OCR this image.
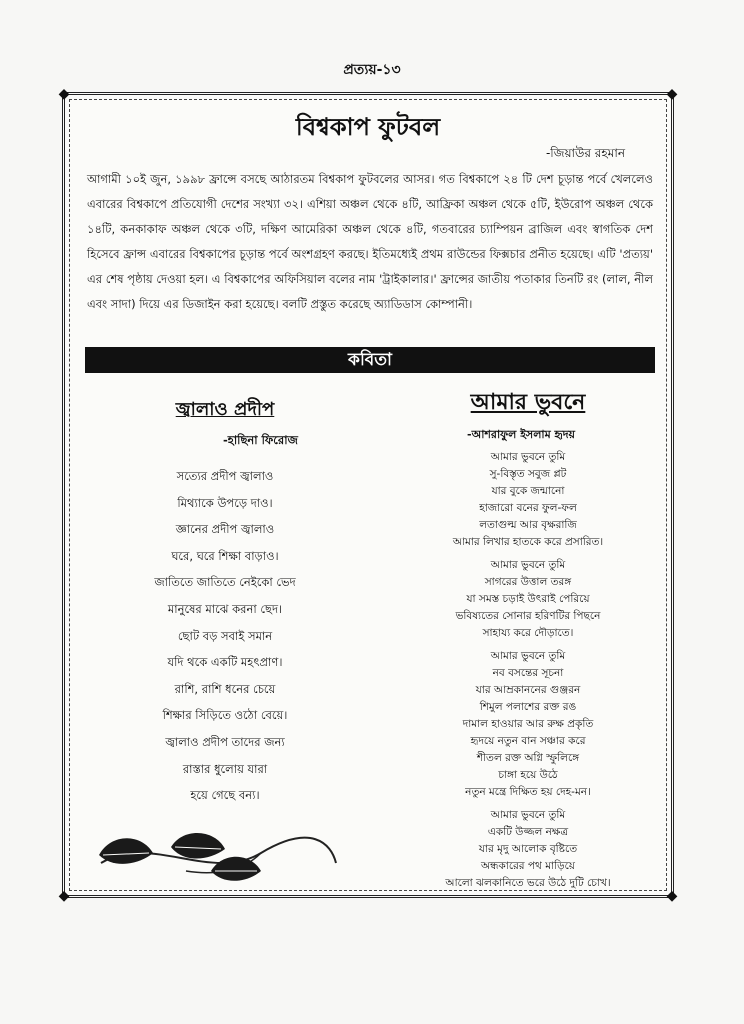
প্রত্যয়-১৩
◆	◆
◆	◆
বিশ্বকাপ ফুটবল
-জিয়াউর রহমান
আগামী ১০ই জুন, ১৯৯৮ ফ্রান্সে বসছে আঠারতম বিশ্বকাপ ফুটবলের আসর। গত বিশ্বকাপে ২৪ টি দেশ চূড়ান্ত পর্বে খেললেও এবারের বিশ্বকাপে প্রতিযোগী দেশের সংখ্যা ৩২। এশিয়া অঞ্চল থেকে ৪টি, আফ্রিকা অঞ্চল থেকে ৫টি, ইউরোপ অঞ্চল থেকে ১৪টি, কনকাকাফ অঞ্চল থেকে ৩টি, দক্ষিণ আমেরিকা অঞ্চল থেকে ৪টি, গতবারের চ্যাম্পিয়ন ব্রাজিল এবং স্বাগতিক দেশ হিসেবে ফ্রান্স এবারের বিশ্বকাপের চূড়ান্ত পর্বে অংশগ্রহণ করছে। ইতিমধ্যেই প্রথম রাউন্ডের ফিক্সচার প্রনীত হয়েছে। এটি 'প্রত্যয়' এর শেষ পৃষ্ঠায় দেওয়া হল। এ বিশ্বকাপের অফিসিয়াল বলের নাম 'ট্রাইকালার।' ফ্রান্সের জাতীয় পতাকার তিনটি রং (লাল, নীল এবং সাদা) দিয়ে এর ডিজাইন করা হয়েছে। বলটি প্রস্তুত করেছে অ্যাডিডাস কোম্পানী।
কবিতা
জ্বালাও প্রদীপ
-হাছিনা ফিরোজ
সত্যের প্রদীপ জ্বালাও
মিথ্যাকে উপড়ে দাও।
জ্ঞানের প্রদীপ জ্বালাও
ঘরে, ঘরে শিক্ষা বাড়াও।
জাতিতে জাতিতে নেইকো ভেদ
মানুষের মাঝে করনা ছেদ।
ছোট বড় সবাই সমান
যদি থকে একটি মহৎপ্রাণ।
রাশি, রাশি ধনের চেয়ে
শিক্ষার সিড়িতে ওঠো বেয়ে।
জ্বালাও প্রদীপ তাদের জন্য
রাস্তার ধুলোয় যারা
হয়ে গেছে বন্য।
আমার ভুবনে
-আশরাফুল ইসলাম হৃদয়
আমার ভুবনে তুমি
সু-বিস্তৃত সবুজ প্লট
যার বুকে জন্মানো
হাজারো বনের ফুল-ফল
লতাগুল্ম আর বৃক্ষরাজি
আমার লিখার হাতকে করে প্রসারিত।
আমার ভুবনে তুমি
সাগরের উত্তাল তরঙ্গ
যা সমস্ত চড়াই উৎরাই পেরিয়ে
ভবিষ্যতের সোনার হরিণটির পিছনে
সাহায্য করে দৌড়াতে।
আমার ভুবনে তুমি
নব বসন্তের সূচনা
যার আম্রকাননের গুঞ্জরন
শিমুল পলাশের রক্ত রঙ
দামাল হাওয়ার আর রুক্ষ প্রকৃতি
হৃদয়ে নতুন বান সঞ্চার করে
শীতল রক্ত অগ্নি স্ফুলিঙ্গে
চাঙ্গা হয়ে উঠে
নতুন মন্ত্রে দিক্ষিত হয় দেহ-মন।
আমার ভুবনে তুমি
একটি উজ্জল নক্ষত্র
যার মৃদু আলোক বৃষ্টিতে
অন্ধকারের পথ মাড়িয়ে
আলো ঝলকানিতে ভরে উঠে দুটি চোখ।
